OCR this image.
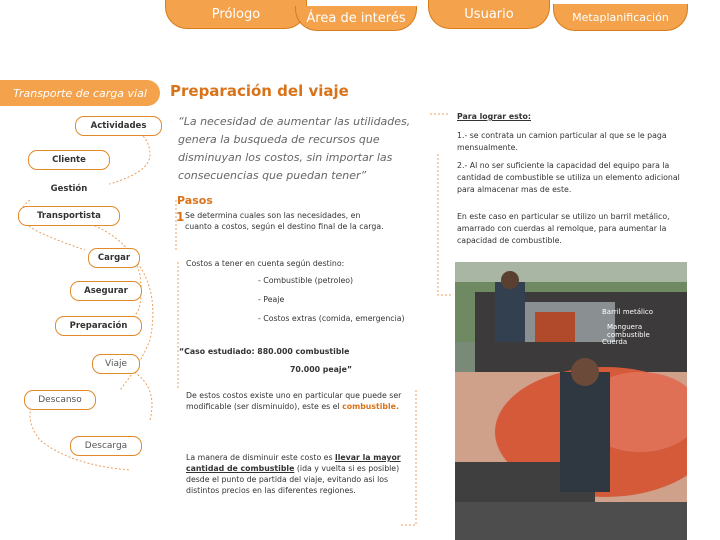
Prólogo	Área de interés	Usuario	Metaplanificación
Transporte de carga vial
Actividades
Cliente
Gestión
Transportista
Cargar
Asegurar
Preparación
Viaje
Descanso
Descarga
Preparación del viaje
“La necesidad de aumentar las utilidades, genera la busqueda de recursos que disminuyan los costos, sin importar las consecuencias que puedan tener”
Pasos
1 Se determina cuales son las necesidades, en cuanto a costos, según el destino final de la carga.
Costos a tener en cuenta según destino:
- Combustible (petroleo)
- Peaje
- Costos extras (comida, emergencia)
“Caso estudiado: 880.000 combustible
70.000 peaje”
De estos costos existe uno en particular que puede ser modificable (ser disminuido), este es el combustible.
La manera de disminuir este costo es llevar la mayor cantidad de combustible (ida y vuelta si es posible) desde el punto de partida del viaje, evitando asi los distintos precios en las diferentes regiones.
Para lograr esto:
1.- se contrata un camion particular al que se le paga mensualmente.
2.- Al no ser suficiente la capacidad del equipo para la cantidad de combustible se utiliza un elemento adicional para almacenar mas de este.
En este caso en particular se utilizo un barril metálico, amarrado con cuerdas al remolque, para aumentar la capacidad de combustible.
Barril metálico
Manguera combustible
Cuerda
